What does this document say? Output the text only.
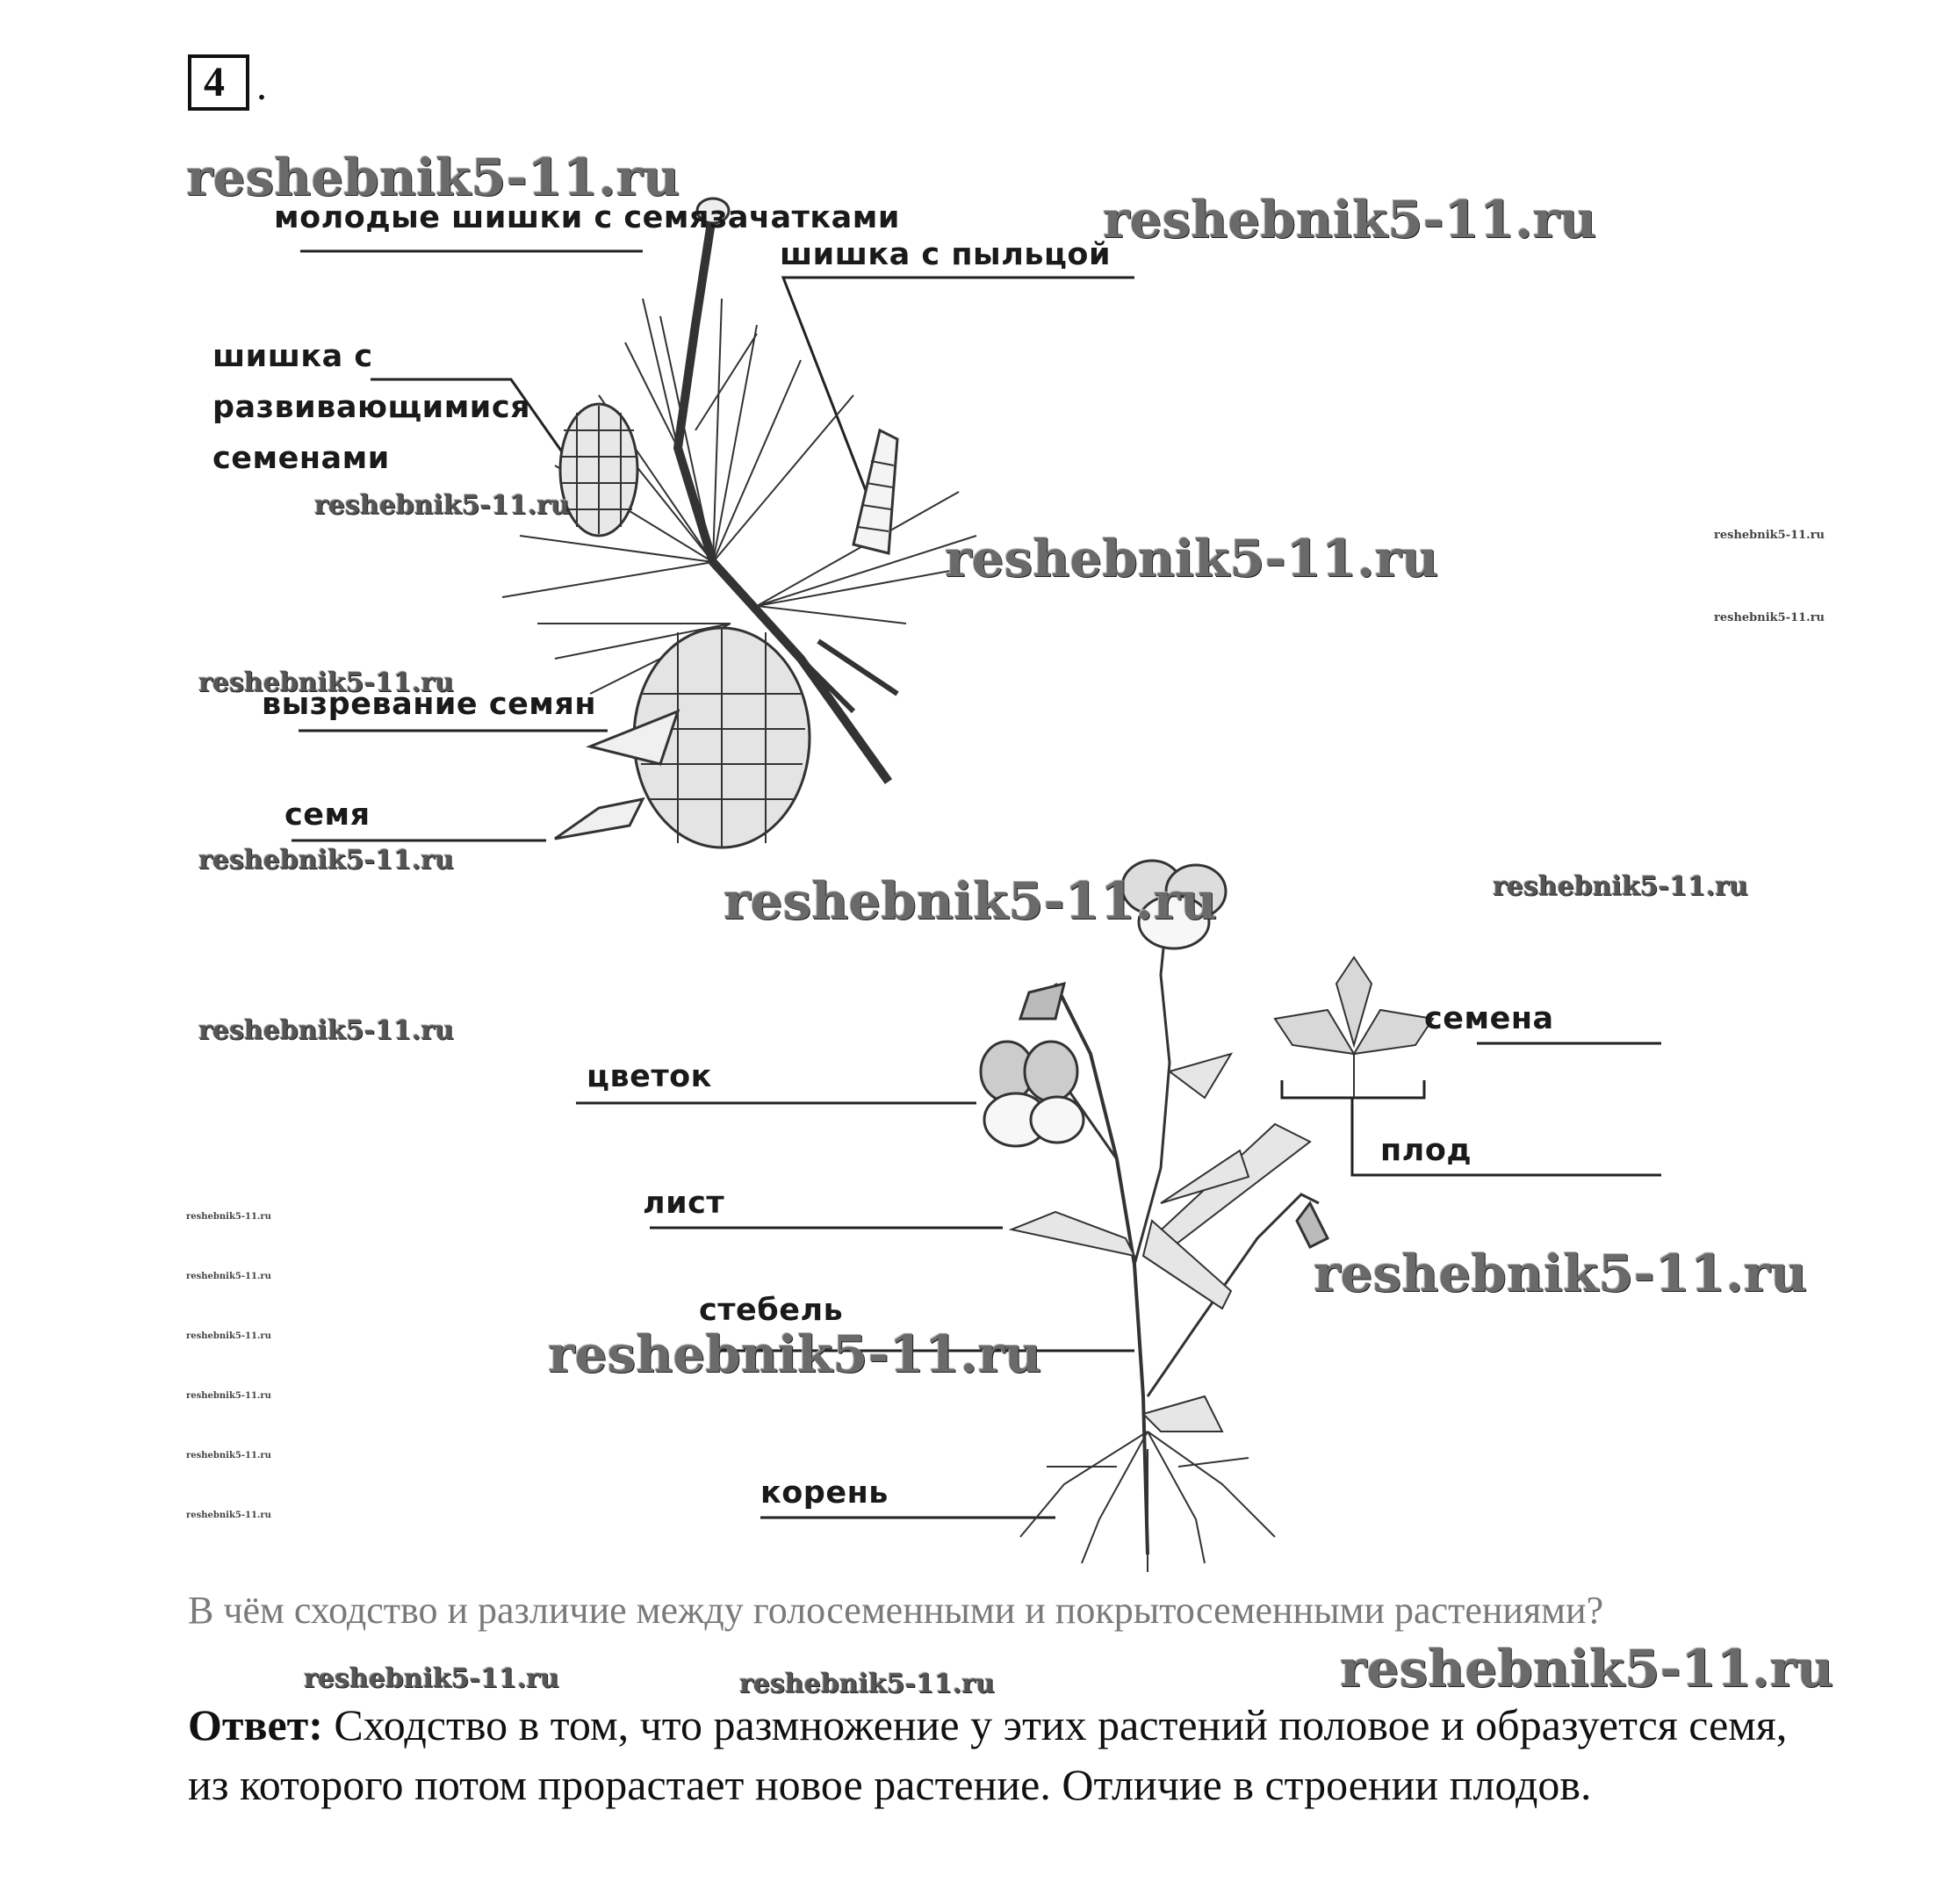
4 .
молодые шишки с семязачатками
шишка с пыльцой
шишка с
развивающимися
семенами
вызревание семян
семя
семена
цветок
плод
лист
стебель
корень
reshebnik5-11.ru
reshebnik5-11.ru
reshebnik5-11.ru
reshebnik5-11.ru	reshebnik5-11.ru
reshebnik5-11.ru
reshebnik5-11.ru
reshebnik5-11.ru
reshebnik5-11.ru	reshebnik5-11.ru
reshebnik5-11.ru
reshebnik5-11.ru
reshebnik5-11.ru
reshebnik5-11.ru
reshebnik5-11.ru
reshebnik5-11.ru
reshebnik5-11.ru
reshebnik5-11.ru
reshebnik5-11.ru
reshebnik5-11.ru	reshebnik5-11.ru	reshebnik5-11.ru
В чём сходство и различие между голосеменными и покрытосеменными растениями?
Ответ: Сходство в том, что размножение у этих растений половое и образуется семя, из которого потом прорастает новое растение. Отличие в строении плодов.
